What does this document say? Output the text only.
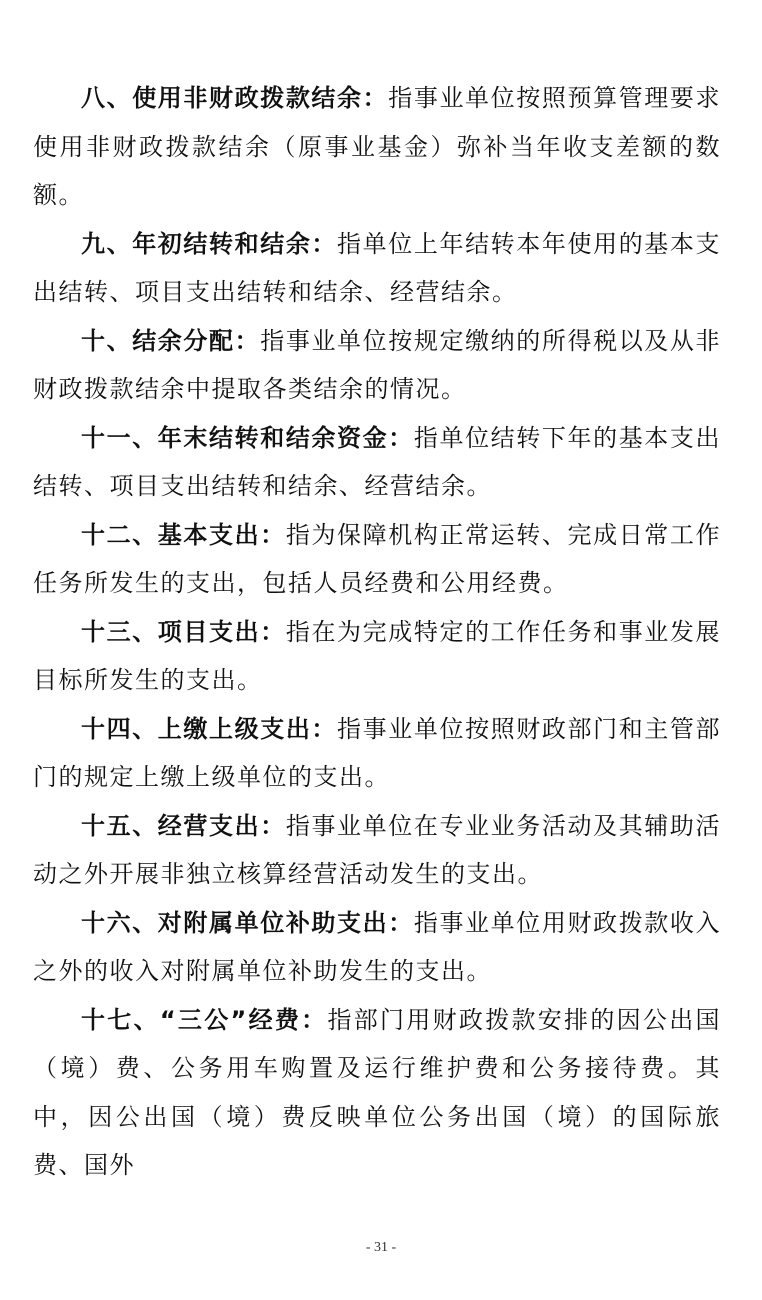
八、使用非财政拨款结余：指事业单位按照预算管理要求使用非财政拨款结余（原事业基金）弥补当年收支差额的数额。

九、年初结转和结余：指单位上年结转本年使用的基本支出结转、项目支出结转和结余、经营结余。

十、结余分配：指事业单位按规定缴纳的所得税以及从非财政拨款结余中提取各类结余的情况。

十一、年末结转和结余资金：指单位结转下年的基本支出结转、项目支出结转和结余、经营结余。

十二、基本支出：指为保障机构正常运转、完成日常工作任务所发生的支出，包括人员经费和公用经费。

十三、项目支出：指在为完成特定的工作任务和事业发展目标所发生的支出。

十四、上缴上级支出：指事业单位按照财政部门和主管部门的规定上缴上级单位的支出。

十五、经营支出：指事业单位在专业业务活动及其辅助活动之外开展非独立核算经营活动发生的支出。

十六、对附属单位补助支出：指事业单位用财政拨款收入之外的收入对附属单位补助发生的支出。

十七、“三公”经费：指部门用财政拨款安排的因公出国（境）费、公务用车购置及运行维护费和公务接待费。其中，因公出国（境）费反映单位公务出国（境）的国际旅费、国外

- 31 -
